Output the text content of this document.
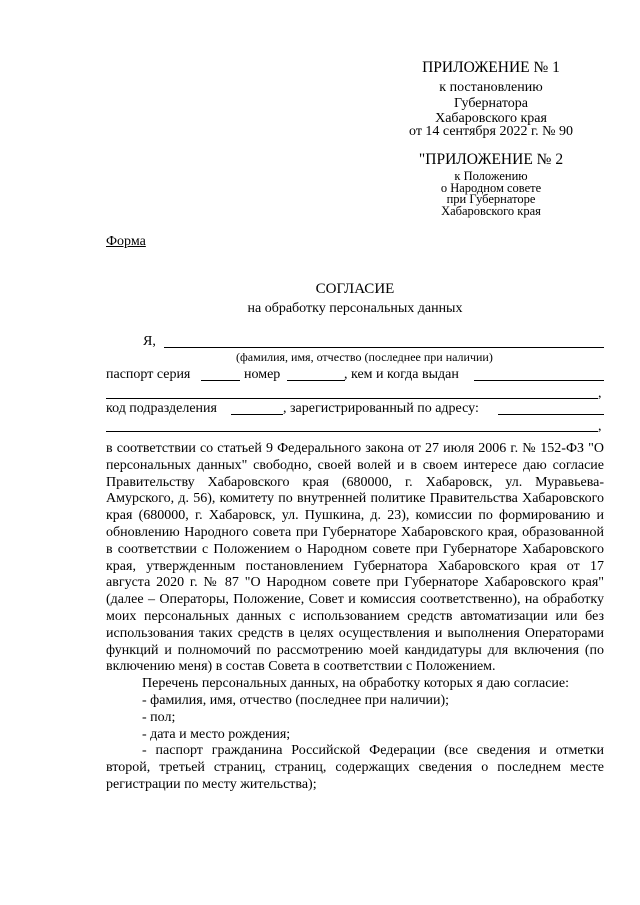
ПРИЛОЖЕНИЕ № 1
к постановлению
Губернатора
Хабаровского края
от 14 сентября 2022 г. № 90
"ПРИЛОЖЕНИЕ № 2
к Положению
о Народном совете
при Губернаторе
Хабаровского края
Форма
СОГЛАСИЕ
на обработку персональных данных
Я,
(фамилия, имя, отчество (последнее при наличии)
паспорт серия	номер	, кем и когда выдан
,
код подразделения	, зарегистрированный по адресу:
,

в соответствии со статьей 9 Федерального закона от 27 июля 2006 г. № 152-ФЗ "О персональных данных" свободно, своей волей и в своем интересе даю согласие Правительству Хабаровского края (680000, г. Хабаровск, ул. Муравьева-Амурского, д. 56), комитету по внутренней политике Правительства Хабаровского края (680000, г. Хабаровск, ул. Пушкина, д. 23), комиссии по формированию и обновлению Народного совета при Губернаторе Хабаровского края, образованной в соответствии с Положением о Народном совете при Губернаторе Хабаровского края, утвержденным постановлением Губернатора Хабаровского края от 17 августа 2020 г. № 87 "О Народном совете при Губернаторе Хабаровского края" (далее – Операторы, Положение, Совет и комиссия соответственно), на обработку моих персональных данных с использованием средств автоматизации или без использования таких средств в целях осуществления и выполнения Операторами функций и полномочий по рассмотрению моей кандидатуры для включения (по включению меня) в состав Совета в соответствии с Положением.

Перечень персональных данных, на обработку которых я даю согласие:

- фамилия, имя, отчество (последнее при наличии);

- пол;

- дата и место рождения;

- паспорт гражданина Российской Федерации (все сведения и отметки второй, третьей страниц, страниц, содержащих сведения о последнем месте регистрации по месту жительства);
